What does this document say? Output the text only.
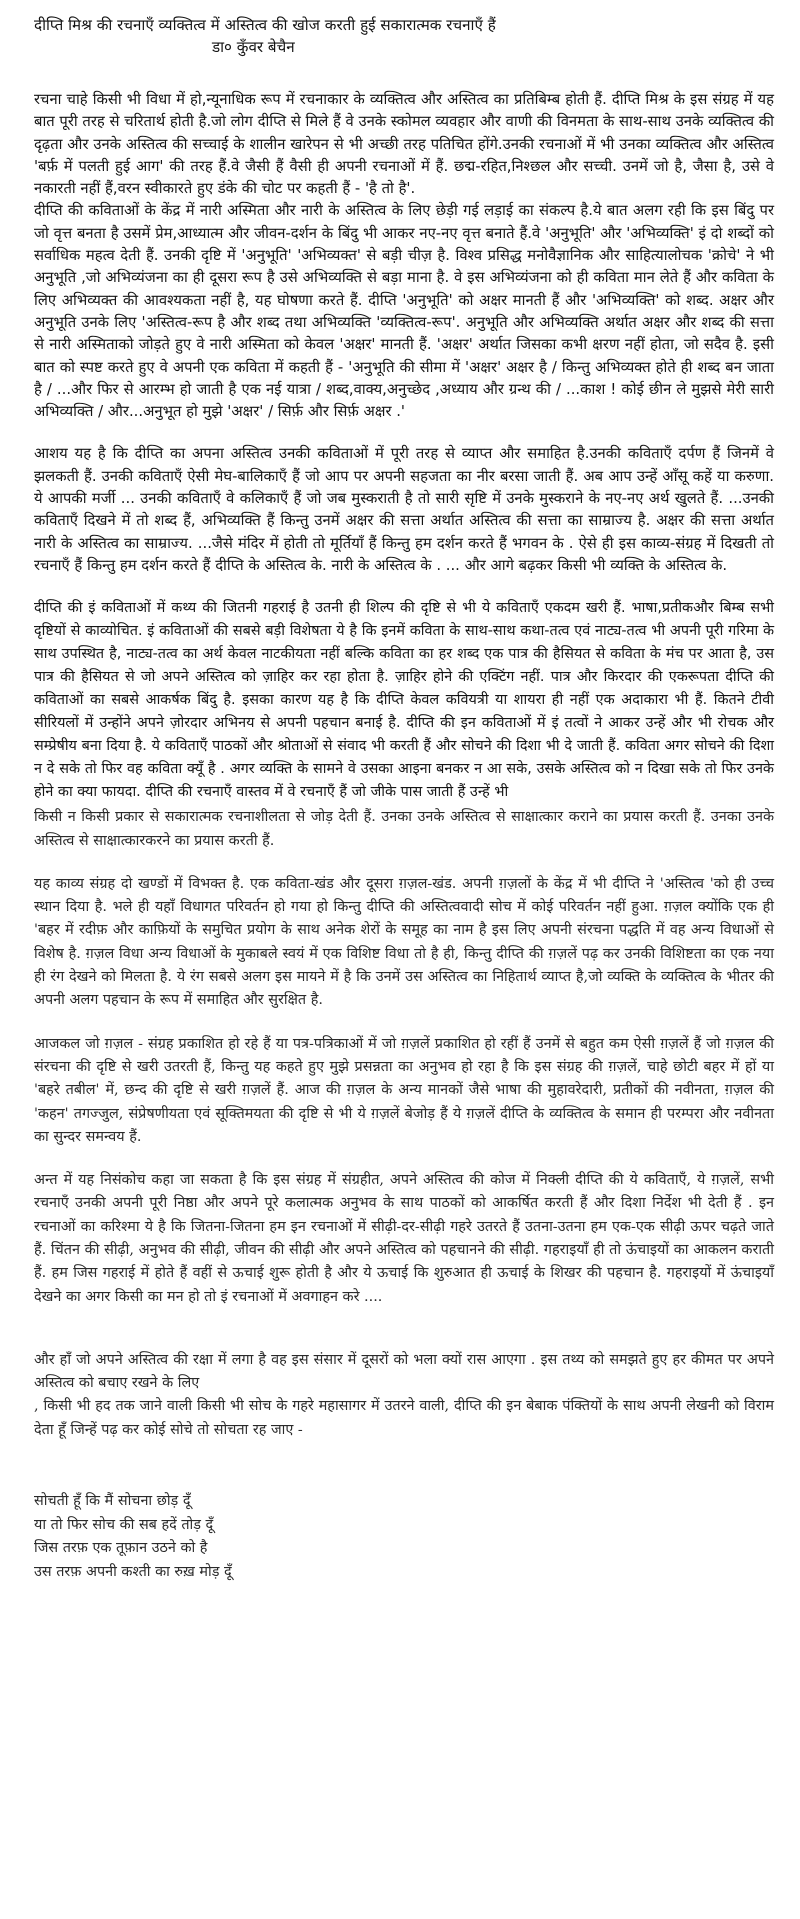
दीप्ति मिश्र की रचनाएँ व्यक्तित्व में अस्तित्व की खोज करती हुई सकारात्मक रचनाएँ हैं

डा० कुँवर बेचैन

रचना चाहे किसी भी विधा में हो,न्यूनाधिक रूप में रचनाकार के व्यक्तित्व और अस्तित्व का प्रतिबिम्ब होती हैं. दीप्ति मिश्र के इस संग्रह में यह बात पूरी तरह से चरितार्थ होती है.जो लोग दीप्ति से मिले हैं वे उनके स्कोमल व्यवहार और वाणी की विनमता के साथ-साथ उनके व्यक्तित्व की दृढ़ता और उनके अस्तित्व की सच्चाई के शालीन खारेपन से भी अच्छी तरह पतिचित होंगे.उनकी रचनाओं में भी उनका व्यक्तित्व और अस्तित्व 'बर्फ़ में पलती हुई आग' की तरह हैं.वे जैसी हैं वैसी ही अपनी रचनाओं में हैं. छद्म-रहित,निश्छल और सच्ची. उनमें जो है, जैसा है, उसे वे नकारती नहीं हैं,वरन स्वीकारते हुए डंके की चोट पर कहती हैं - 'है तो है'.

दीप्ति की कविताओं के केंद्र में नारी अस्मिता और नारी के अस्तित्व के लिए छेड़ी गई लड़ाई का संकल्प है.ये बात अलग रही कि इस बिंदु पर जो वृत्त बनता है उसमें प्रेम,आध्यात्म और जीवन-दर्शन के बिंदु भी आकर नए-नए वृत्त बनाते हैं.वे 'अनुभूति' और 'अभिव्यक्ति' इं दो शब्दों को सर्वाधिक महत्व देती हैं. उनकी दृष्टि में 'अनुभूति' 'अभिव्यक्त' से बड़ी चीज़ है. विश्व प्रसिद्ध मनोवैज्ञानिक और साहित्यालोचक 'क्रोचे' ने भी अनुभूति ,जो अभिव्यंजना का ही दूसरा रूप है उसे अभिव्यक्ति से बड़ा माना है. वे इस अभिव्यंजना को ही कविता मान लेते हैं और कविता के लिए अभिव्यक्त की आवश्यकता नहीं है, यह घोषणा करते हैं. दीप्ति 'अनुभूति' को अक्षर मानती हैं और 'अभिव्यक्ति' को शब्द. अक्षर और अनुभूति उनके लिए 'अस्तित्व-रूप है और शब्द तथा अभिव्यक्ति 'व्यक्तित्व-रूप'. अनुभूति और अभिव्यक्ति अर्थात अक्षर और शब्द की सत्ता से नारी अस्मिताको जोड़ते हुए वे नारी अस्मिता को केवल 'अक्षर' मानती हैं. 'अक्षर' अर्थात जिसका कभी क्षरण नहीं होता, जो सदैव है. इसी बात को स्पष्ट करते हुए वे अपनी एक कविता में कहती हैं - 'अनुभूति की सीमा में 'अक्षर' अक्षर है / किन्तु अभिव्यक्त होते ही शब्द बन जाता है / ...और फिर से आरम्भ हो जाती है एक नई यात्रा / शब्द,वाक्य,अनुच्छेद ,अध्याय और ग्रन्थ की / ...काश ! कोई छीन ले मुझसे मेरी सारी अभिव्यक्ति / और...अनुभूत हो मुझे 'अक्षर' / सिर्फ़ और सिर्फ़ अक्षर .'

आशय यह है कि दीप्ति का अपना अस्तित्व उनकी कविताओं में पूरी तरह से व्याप्त और समाहित है.उनकी कविताएँ दर्पण हैं जिनमें वे झलकती हैं. उनकी कविताएँ ऐसी मेघ-बालिकाएँ हैं जो आप पर अपनी सहजता का नीर बरसा जाती हैं. अब आप उन्हें आँसू कहें या करुणा. ये आपकी मर्जी ... उनकी कविताएँ वे कलिकाएँ हैं जो जब मुस्कराती है तो सारी सृष्टि में उनके मुस्कराने के नए-नए अर्थ खुलते हैं. ...उनकी कविताएँ दिखने में तो शब्द हैं, अभिव्यक्ति हैं किन्तु उनमें अक्षर की सत्ता अर्थात अस्तित्व की सत्ता का साम्राज्य है. अक्षर की सत्ता अर्थात नारी के अस्तित्व का साम्राज्य. ...जैसे मंदिर में होती तो मूर्तियाँ हैं किन्तु हम दर्शन करते हैं भगवन के . ऐसे ही इस काव्य-संग्रह में दिखती तो रचनाएँ हैं किन्तु हम दर्शन करते हैं दीप्ति के अस्तित्व के. नारी के अस्तित्व के . ... और आगे बढ़कर किसी भी व्यक्ति के अस्तित्व के.

दीप्ति की इं कविताओं में कथ्य की जितनी गहराई है उतनी ही शिल्प की दृष्टि से भी ये कविताएँ एकदम खरी हैं. भाषा,प्रतीकऔर बिम्ब सभी दृष्टियों से काव्योचित. इं कविताओं की सबसे बड़ी विशेषता ये है कि इनमें कविता के साथ-साथ कथा-तत्व एवं नाट्य-तत्व भी अपनी पूरी गरिमा के साथ उपस्थित है, नाट्य-तत्व का अर्थ केवल नाटकीयता नहीं बल्कि कविता का हर शब्द एक पात्र की हैसियत से कविता के मंच पर आता है, उस पात्र की हैसियत से जो अपने अस्तित्व को ज़ाहिर कर रहा होता है. ज़ाहिर होने की एक्टिंग नहीं. पात्र और किरदार की एकरूपता दीप्ति की कविताओं का सबसे आकर्षक बिंदु है. इसका कारण यह है कि दीप्ति केवल कवियत्री या शायरा ही नहीं एक अदाकारा भी हैं. कितने टीवी सीरियलों में उन्होंने अपने ज़ोरदार अभिनय से अपनी पहचान बनाई है. दीप्ति की इन कविताओं में इं तत्वों ने आकर उन्हें और भी रोचक और सम्प्रेषीय बना दिया है. ये कविताएँ पाठकों और श्रोताओं से संवाद भी करती हैं और सोचने की दिशा भी दे जाती हैं. कविता अगर सोचने की दिशा न दे सके तो फिर वह कविता क्यूँ है . अगर व्यक्ति के सामने वे उसका आइना बनकर न आ सके, उसके अस्तित्व को न दिखा सके तो फिर उनके होने का क्या फायदा. दीप्ति की रचनाएँ वास्तव में वे रचनाएँ हैं जो जीके पास जाती हैं उन्हें भी

किसी न किसी प्रकार से सकारात्मक रचनाशीलता से जोड़ देती हैं. उनका उनके अस्तित्व से साक्षात्कार कराने का प्रयास करती हैं. उनका उनके अस्तित्व से साक्षात्कारकरने का प्रयास करती हैं.

यह काव्य संग्रह दो खण्डों में विभक्त है. एक कविता-खंड और दूसरा ग़ज़ल-खंड. अपनी ग़ज़लों के केंद्र में भी दीप्ति ने 'अस्तित्व 'को ही उच्च स्थान दिया है. भले ही यहाँ विधागत परिवर्तन हो गया हो किन्तु दीप्ति की अस्तित्ववादी सोच में कोई परिवर्तन नहीं हुआ. ग़ज़ल क्योंकि एक ही 'बहर में रदीफ़ और काफ़ियों के समुचित प्रयोग के साथ अनेक शेरों के समूह का नाम है इस लिए अपनी संरचना पद्धति में वह अन्य विधाओं से विशेष है. ग़ज़ल विधा अन्य विधाओं के मुकाबले स्वयं में एक विशिष्ट विधा तो है ही, किन्तु दीप्ति की ग़ज़लें पढ़ कर उनकी विशिष्टता का एक नया ही रंग देखने को मिलता है. ये रंग सबसे अलग इस मायने में है कि उनमें उस अस्तित्व का निहितार्थ व्याप्त है,जो व्यक्ति के व्यक्तित्व के भीतर की अपनी अलग पहचान के रूप में समाहित और सुरक्षित है.

आजकल जो ग़ज़ल - संग्रह प्रकाशित हो रहे हैं या पत्र-पत्रिकाओं में जो ग़ज़लें प्रकाशित हो रहीं हैं उनमें से बहुत कम ऐसी ग़ज़लें हैं जो ग़ज़ल की संरचना की दृष्टि से खरी उतरती हैं, किन्तु यह कहते हुए मुझे प्रसन्नता का अनुभव हो रहा है कि इस संग्रह की ग़ज़लें, चाहे छोटी बहर में हों या 'बहरे तबील' में, छन्द की दृष्टि से खरी ग़ज़लें हैं. आज की ग़ज़ल के अन्य मानकों जैसे भाषा की मुहावरेदारी, प्रतीकों की नवीनता, ग़ज़ल की 'कहन' तगज्जुल, संप्रेषणीयता एवं सूक्तिमयता की दृष्टि से भी ये ग़ज़लें बेजोड़ हैं ये ग़ज़लें दीप्ति के व्यक्तित्व के समान ही परम्परा और नवीनता का सुन्दर समन्वय हैं.

अन्त में यह निसंकोच कहा जा सकता है कि इस संग्रह में संग्रहीत, अपने अस्तित्व की कोज में निक्ली दीप्ति की ये कविताएँ, ये ग़ज़लें, सभी रचनाएँ उनकी अपनी पूरी निष्ठा और अपने पूरे कलात्मक अनुभव के साथ पाठकों को आकर्षित करती हैं और दिशा निर्देश भी देती हैं . इन रचनाओं का करिश्मा ये है कि जितना-जितना हम इन रचनाओं में सीढ़ी-दर-सीढ़ी गहरे उतरते हैं उतना-उतना हम एक-एक सीढ़ी ऊपर चढ़ते जाते हैं. चिंतन की सीढ़ी, अनुभव की सीढ़ी, जीवन की सीढ़ी और अपने अस्तित्व को पहचानने की सीढ़ी. गहराइयाँ ही तो ऊंचाइयों का आकलन कराती हैं. हम जिस गहराई में होते हैं वहीं से ऊचाई शुरू होती है और ये ऊचाई कि शुरुआत ही ऊचाई के शिखर की पहचान है. गहराइयों में ऊंचाइयाँ देखने का अगर किसी का मन हो तो इं रचनाओं में अवगाहन करे ....

और हाँ जो अपने अस्तित्व की रक्षा में लगा है वह इस संसार में दूसरों को भला क्यों रास आएगा . इस तथ्य को समझते हुए हर कीमत पर अपने अस्तित्व को बचाए रखने के लिए

, किसी भी हद तक जाने वाली किसी भी सोच के गहरे महासागर में उतरने वाली, दीप्ति की इन बेबाक पंक्तियों के साथ अपनी लेखनी को विराम देता हूँ जिन्हें पढ़ कर कोई सोचे तो सोचता रह जाए -

सोचती हूँ कि मैं सोचना छोड़ दूँ
या तो फिर सोच की सब हदें तोड़ दूँ
जिस तरफ़ एक तूफ़ान उठने को है
उस तरफ़ अपनी कश्ती का रुख़ मोड़ दूँ
